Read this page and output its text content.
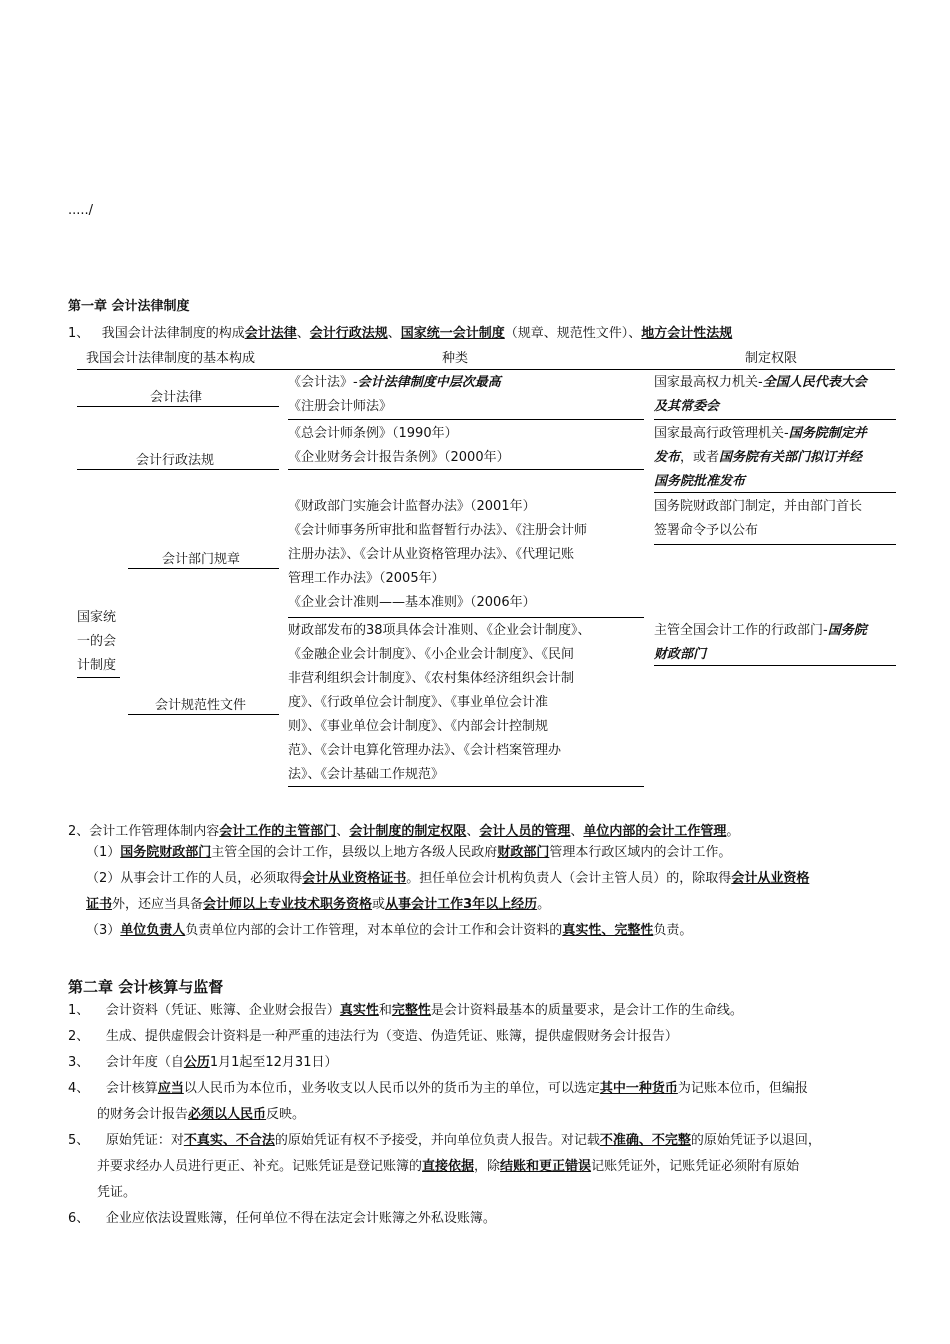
...../
第一章 会计法律制度
1、 我国会计法律制度的构成会计法律、会计行政法规、国家统一会计制度（规章、规范性文件）、地方会计性法规
我国会计法律制度的基本构成	种类	制定权限
会计法律
《会计法》-会计法律制度中层次最高
《注册会计师法》
国家最高权力机关-全国人民代表大会
及其常委会
会计行政法规
《总会计师条例》（1990年）
《企业财务会计报告条例》（2000年）
国家最高行政管理机关-国务院制定并
发布，或者国务院有关部门拟订并经
国务院批准发布
国家统
一的会
计制度
会计部门规章
《财政部门实施会计监督办法》（2001年）
《会计师事务所审批和监督暂行办法》、《注册会计师
注册办法》、《会计从业资格管理办法》、《代理记账
管理工作办法》（2005年）
《企业会计准则——基本准则》（2006年）
国务院财政部门制定，并由部门首长
签署命令予以公布
会计规范性文件
财政部发布的38项具体会计准则、《企业会计制度》、
《金融企业会计制度》、《小企业会计制度》、《民间
非营利组织会计制度》、《农村集体经济组织会计制
度》、《行政单位会计制度》、《事业单位会计准
则》、《事业单位会计制度》、《内部会计控制规
范》、《会计电算化管理办法》、《会计档案管理办
法》、《会计基础工作规范》
主管全国会计工作的行政部门-国务院
财政部门
2、会计工作管理体制内容会计工作的主管部门、会计制度的制定权限、会计人员的管理、单位内部的会计工作管理。
（1）国务院财政部门主管全国的会计工作，县级以上地方各级人民政府财政部门管理本行政区域内的会计工作。
（2）从事会计工作的人员，必须取得会计从业资格证书。担任单位会计机构负责人（会计主管人员）的，除取得会计从业资格
证书外，还应当具备会计师以上专业技术职务资格或从事会计工作3年以上经历。
（3）单位负责人负责单位内部的会计工作管理，对本单位的会计工作和会计资料的真实性、完整性负责。
第二章 会计核算与监督
1、 会计资料（凭证、账簿、企业财会报告）真实性和完整性是会计资料最基本的质量要求，是会计工作的生命线。
2、 生成、提供虚假会计资料是一种严重的违法行为（变造、伪造凭证、账簿，提供虚假财务会计报告）
3、 会计年度（自公历1月1起至12月31日）
4、 会计核算应当以人民币为本位币，业务收支以人民币以外的货币为主的单位，可以选定其中一种货币为记账本位币，但编报
的财务会计报告必须以人民币反映。
5、 原始凭证：对不真实、不合法的原始凭证有权不予接受，并向单位负责人报告。对记载不准确、不完整的原始凭证予以退回，
并要求经办人员进行更正、补充。记账凭证是登记账簿的直接依据，除结账和更正错误记账凭证外，记账凭证必须附有原始
凭证。
6、 企业应依法设置账簿，任何单位不得在法定会计账簿之外私设账簿。
